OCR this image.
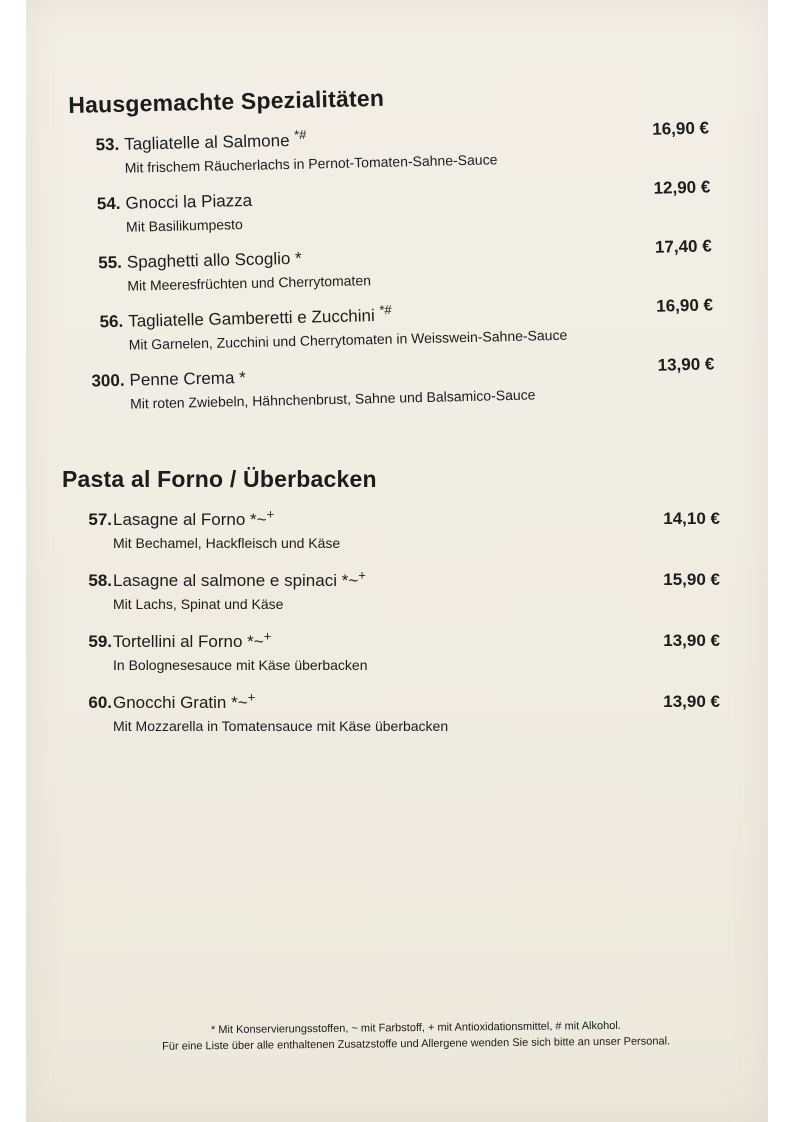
Hausgemachte Spezialitäten
53. Tagliatelle al Salmone *#
Mit frischem Räucherlachs in Pernot-Tomaten-Sahne-Sauce
16,90 €
54. Gnocci la Piazza
Mit Basilikumpesto
12,90 €
55. Spaghetti allo Scoglio *
Mit Meeresfrüchten und Cherrytomaten
17,40 €
56. Tagliatelle Gamberetti e Zucchini *#
Mit Garnelen, Zucchini und Cherrytomaten in Weisswein-Sahne-Sauce
16,90 €
300. Penne Crema *
Mit roten Zwiebeln, Hähnchenbrust, Sahne und Balsamico-Sauce
13,90 €
Pasta al Forno / Überbacken
57. Lasagne al Forno *~+
Mit Bechamel, Hackfleisch und Käse
14,10 €
58. Lasagne al salmone e spinaci *~+
Mit Lachs, Spinat und Käse
15,90 €
59. Tortellini al Forno *~+
In Bolognesesauce mit Käse überbacken
13,90 €
60. Gnocchi Gratin *~+
Mit Mozzarella in Tomatensauce mit Käse überbacken
13,90 €
* Mit Konservierungsstoffen, ~ mit Farbstoff, + mit Antioxidationsmittel, # mit Alkohol.
Für eine Liste über alle enthaltenen Zusatzstoffe und Allergene wenden Sie sich bitte an unser Personal.
